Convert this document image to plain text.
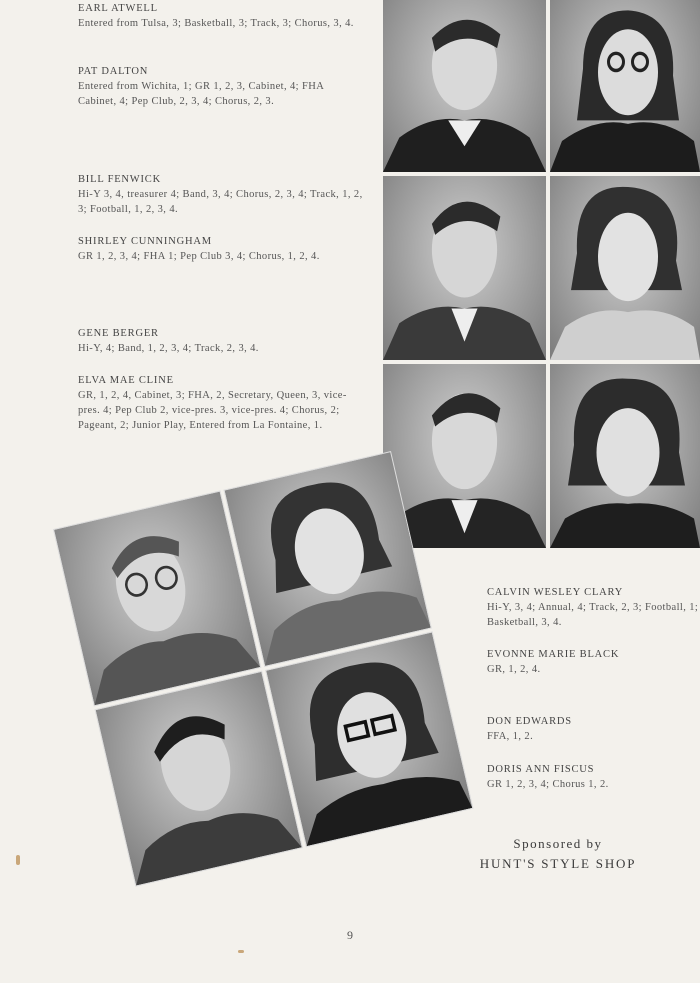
EARL ATWELL
Entered from Tulsa, 3; Basketball, 3; Track, 3; Chorus, 3, 4.
PAT DALTON
Entered from Wichita, 1; GR 1, 2, 3, Cabinet, 4; FHA Cabinet, 4; Pep Club, 2, 3, 4; Chorus, 2, 3.
BILL FENWICK
Hi-Y 3, 4, treasurer 4; Band, 3, 4; Chorus, 2, 3, 4; Track, 1, 2, 3; Football, 1, 2, 3, 4.
SHIRLEY CUNNINGHAM
GR 1, 2, 3, 4; FHA 1; Pep Club 3, 4; Chorus, 1, 2, 4.
GENE BERGER
Hi-Y, 4; Band, 1, 2, 3, 4; Track, 2, 3, 4.
ELVA MAE CLINE
GR, 1, 2, 4, Cabinet, 3; FHA, 2, Secretary, Queen, 3, vice-pres. 4; Pep Club 2, vice-pres. 3, vice-pres. 4; Chorus, 2; Pageant, 2; Junior Play, Entered from La Fontaine, 1.
CALVIN WESLEY CLARY
Hi-Y, 3, 4; Annual, 4; Track, 2, 3; Football, 1; Basketball, 3, 4.
EVONNE MARIE BLACK
GR, 1, 2, 4.
DON EDWARDS
FFA, 1, 2.
DORIS ANN FISCUS
GR 1, 2, 3, 4; Chorus 1, 2.
Sponsored by
HUNT'S STYLE SHOP
9
